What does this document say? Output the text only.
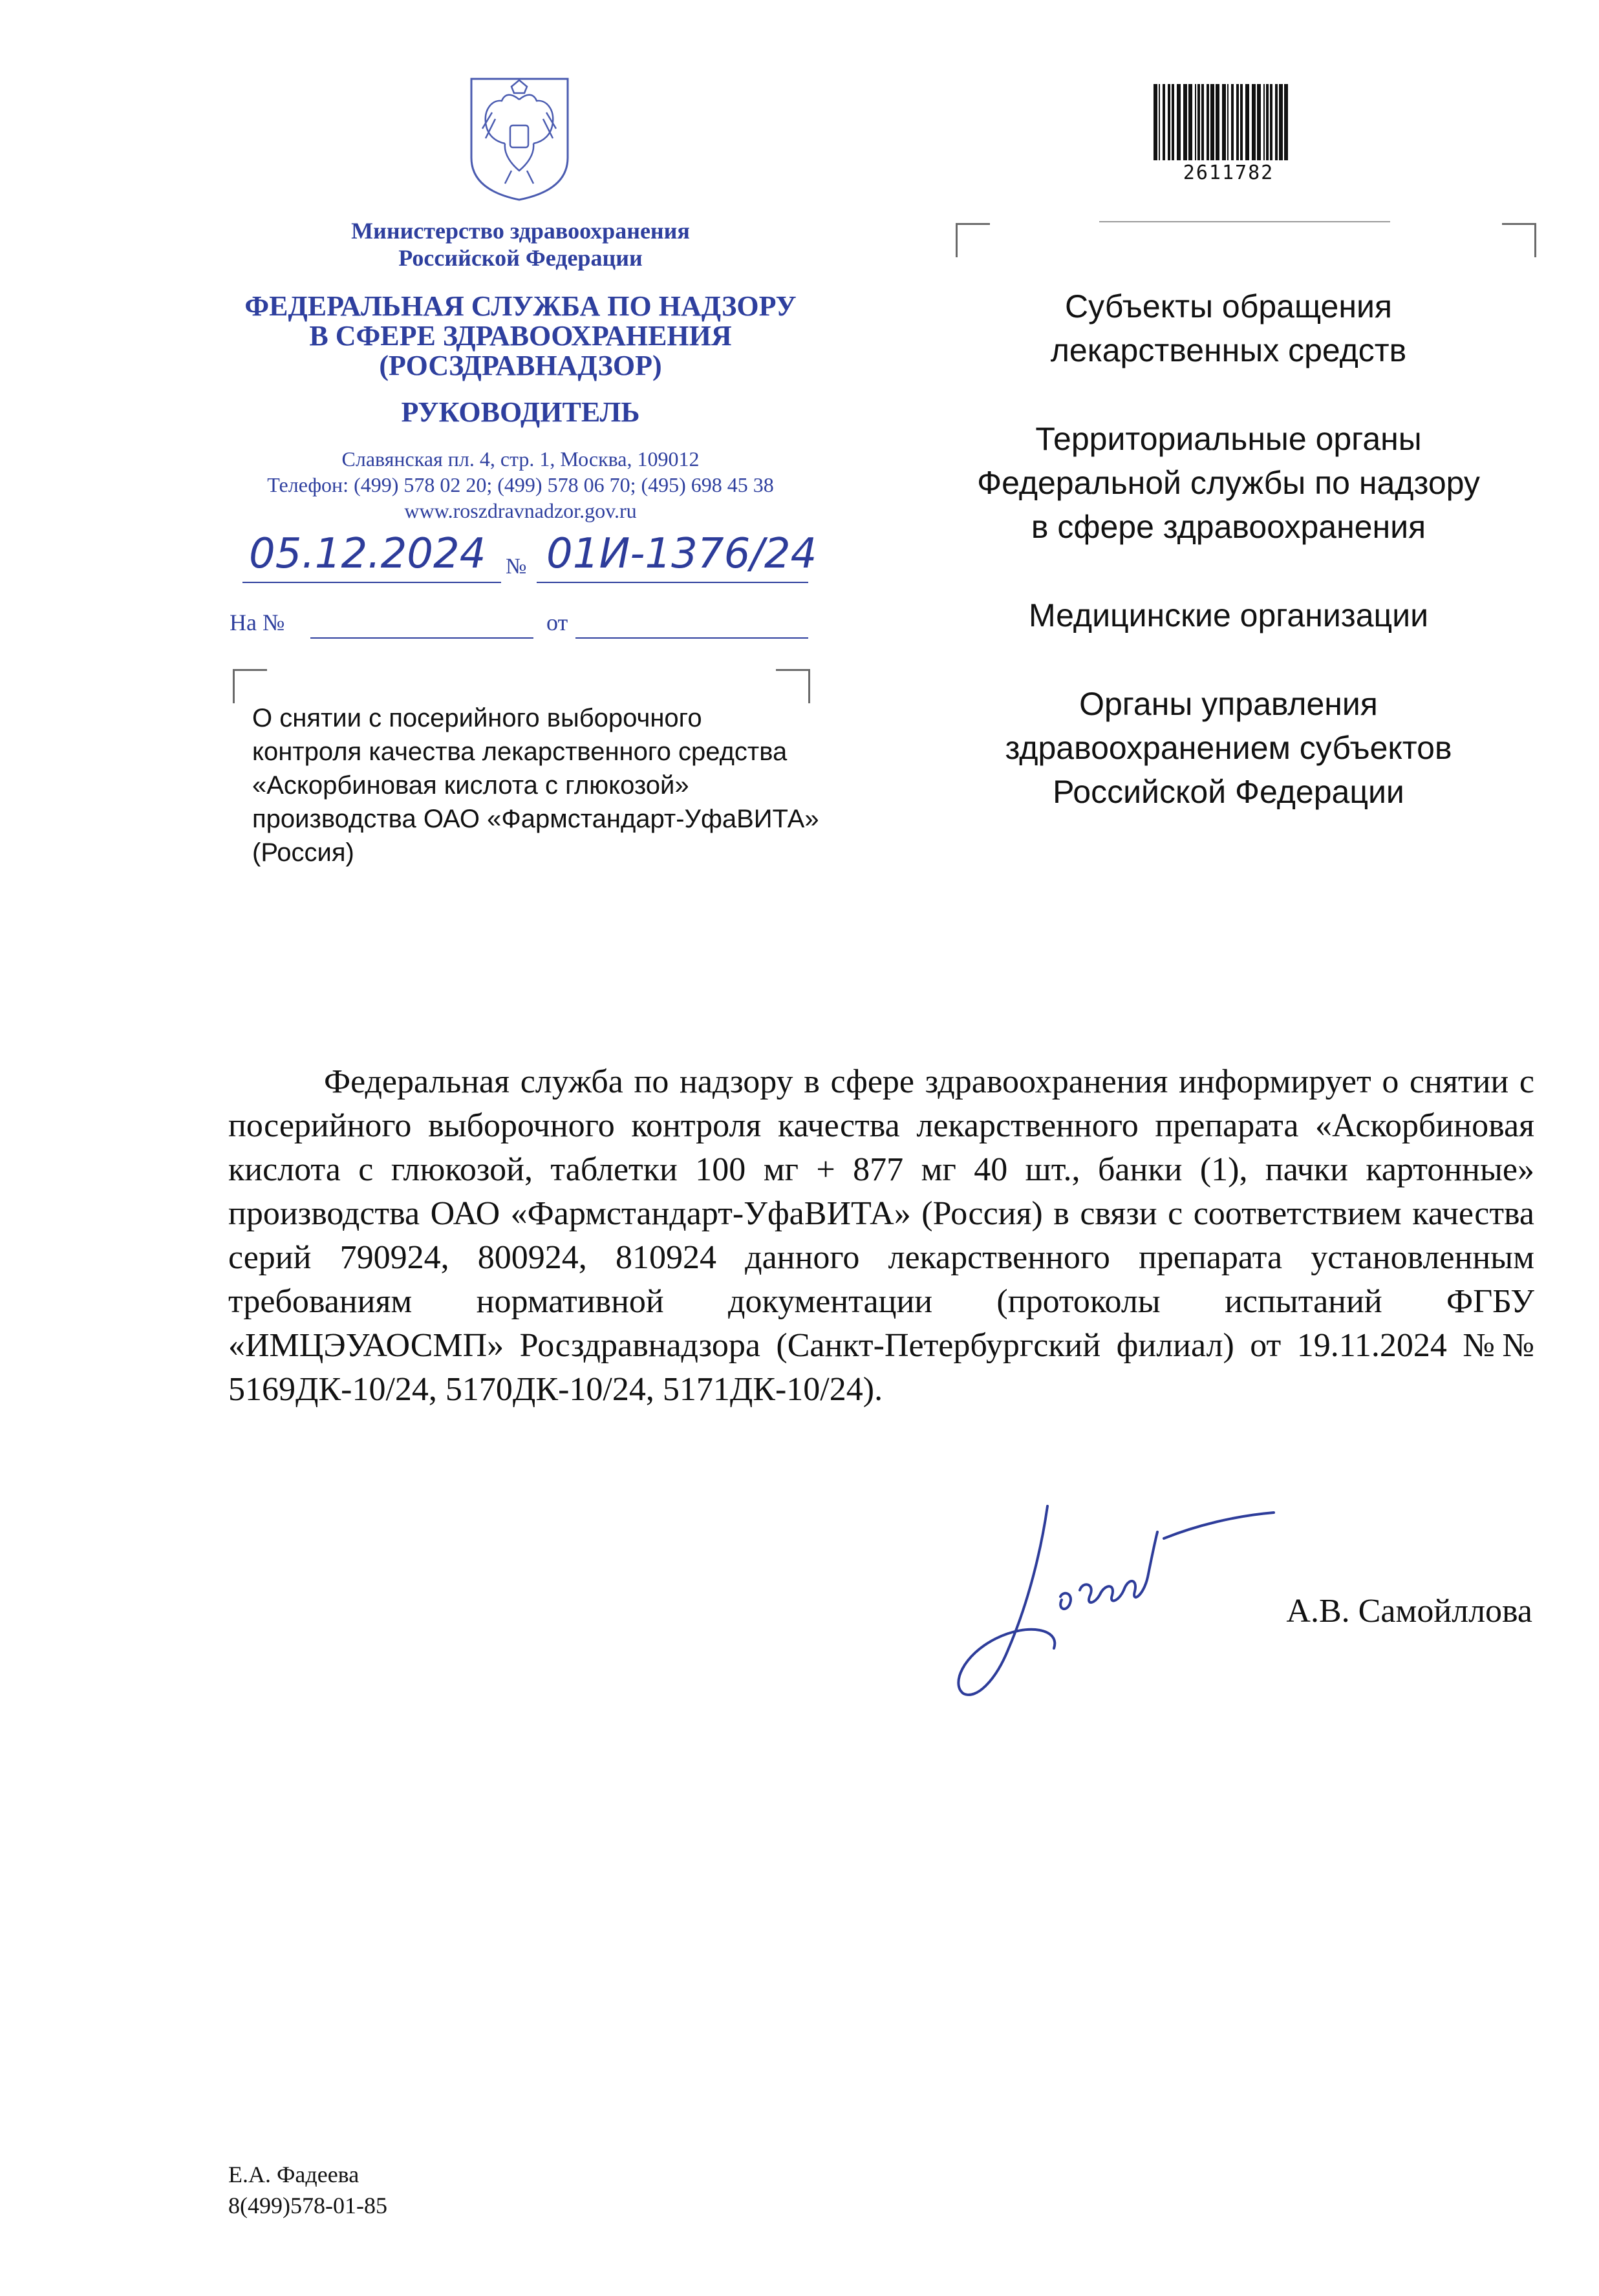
Министерство здравоохранения
Российской Федерации
ФЕДЕРАЛЬНАЯ СЛУЖБА ПО НАДЗОРУ
В СФЕРЕ ЗДРАВООХРАНЕНИЯ
(РОСЗДРАВНАДЗОР)
РУКОВОДИТЕЛЬ
Славянская пл. 4, стр. 1, Москва, 109012
Телефон: (499) 578 02 20; (499) 578 06 70; (495) 698 45 38
www.roszdravnadzor.gov.ru
05.12.2024 № 01И-1376/24
На №	от
О снятии с посерийного выборочного
контроля качества лекарственного средства
«Аскорбиновая кислота с глюкозой»
производства ОАО «Фармстандарт-УфаВИТА»
(Россия)
2611782
Субъекты обращения
лекарственных средств
Территориальные органы
Федеральной службы по надзору
в сфере здравоохранения
Медицинские организации
Органы управления
здравоохранением субъектов
Российской Федерации
Федеральная служба по надзору в сфере здравоохранения информирует о снятии с посерийного выборочного контроля качества лекарственного препарата «Аскорбиновая кислота с глюкозой, таблетки 100 мг + 877 мг 40 шт., банки (1), пачки картонные» производства ОАО «Фармстандарт-УфаВИТА» (Россия) в связи с соответствием качества серий 790924, 800924, 810924 данного лекарственного препарата установленным требованиям нормативной документации (протоколы испытаний ФГБУ «ИМЦЭУАОСМП» Росздравнадзора (Санкт-Петербургский филиал) от 19.11.2024 №№ 5169ДК-10/24, 5170ДК-10/24, 5171ДК-10/24).
А.В. Самойллова
Е.А. Фадеева
8(499)578-01-85
